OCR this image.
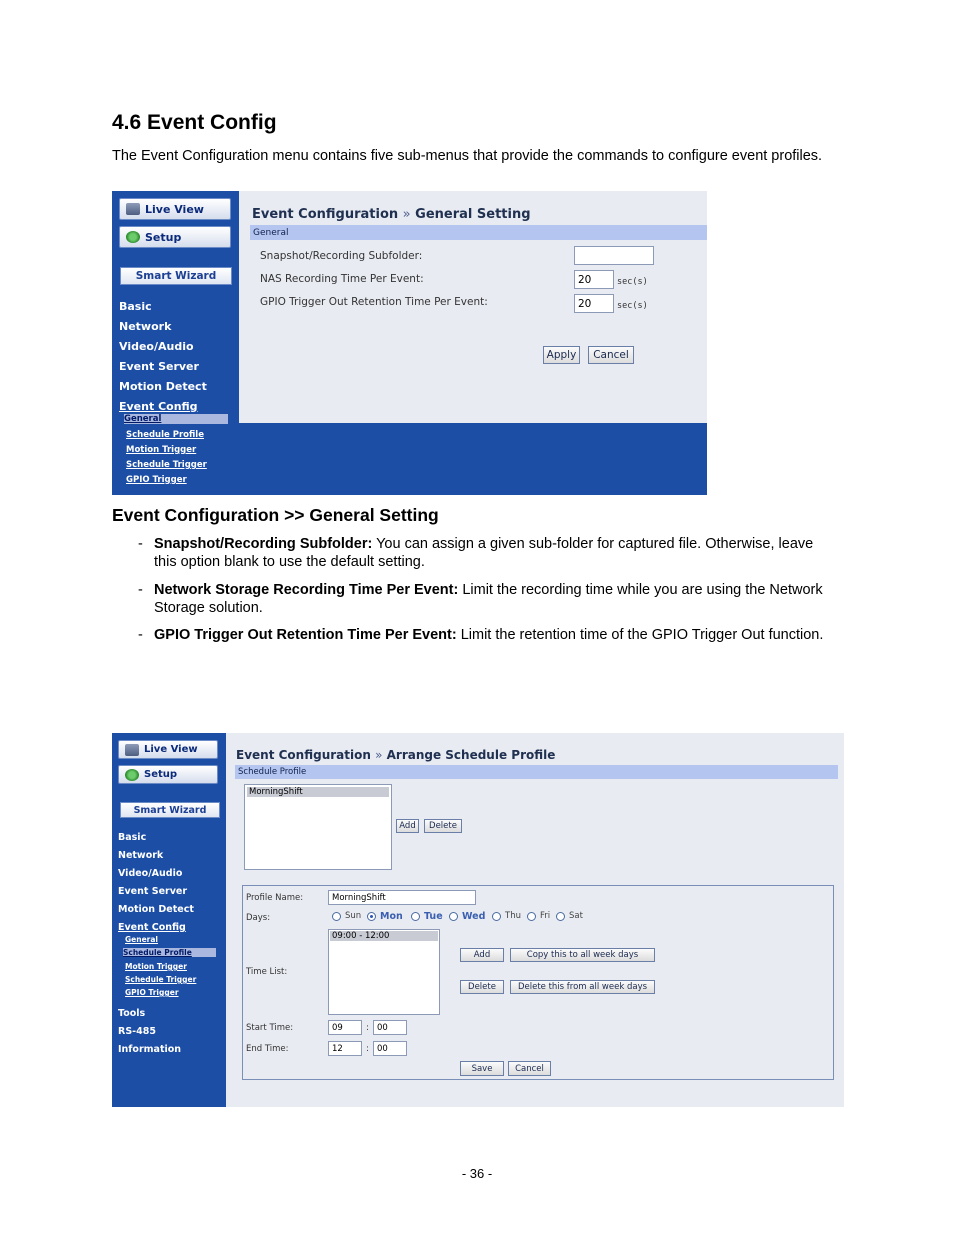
4.6 Event Config
The Event Configuration menu contains five sub-menus that provide the commands to configure event profiles.
Live View
Setup
Smart Wizard
Basic
Network
Video/Audio
Event Server
Motion Detect
Event Config
General
Schedule Profile
Motion Trigger
Schedule Trigger
GPIO Trigger
Event Configuration » General Setting
General
Snapshot/Recording Subfolder:
NAS Recording Time Per Event:	20	sec(s)
GPIO Trigger Out Retention Time Per Event:	20	sec(s)
Apply	Cancel
Event Configuration >> General Setting
- Snapshot/Recording Subfolder: You can assign a given sub-folder for captured file. Otherwise, leave this option blank to use the default setting.
- Network Storage Recording Time Per Event: Limit the recording time while you are using the Network Storage solution.
- GPIO Trigger Out Retention Time Per Event: Limit the retention time of the GPIO Trigger Out function.
Live View
Setup
Smart Wizard
Basic
Network
Video/Audio
Event Server
Motion Detect
Event Config
General
Schedule Profile
Motion Trigger
Schedule Trigger
GPIO Trigger
Tools
RS-485
Information
Event Configuration » Arrange Schedule Profile
Schedule Profile
MorningShift
Add	Delete
Profile Name:	MorningShift
Days:	Sun Mon Tue Wed Thu Fri Sat
09:00 - 12:00
Time List:
Add	Copy this to all week days
Delete	Delete this from all week days
Start Time:	09	: 00
End Time:	12	: 00
Save	Cancel
- 36 -
